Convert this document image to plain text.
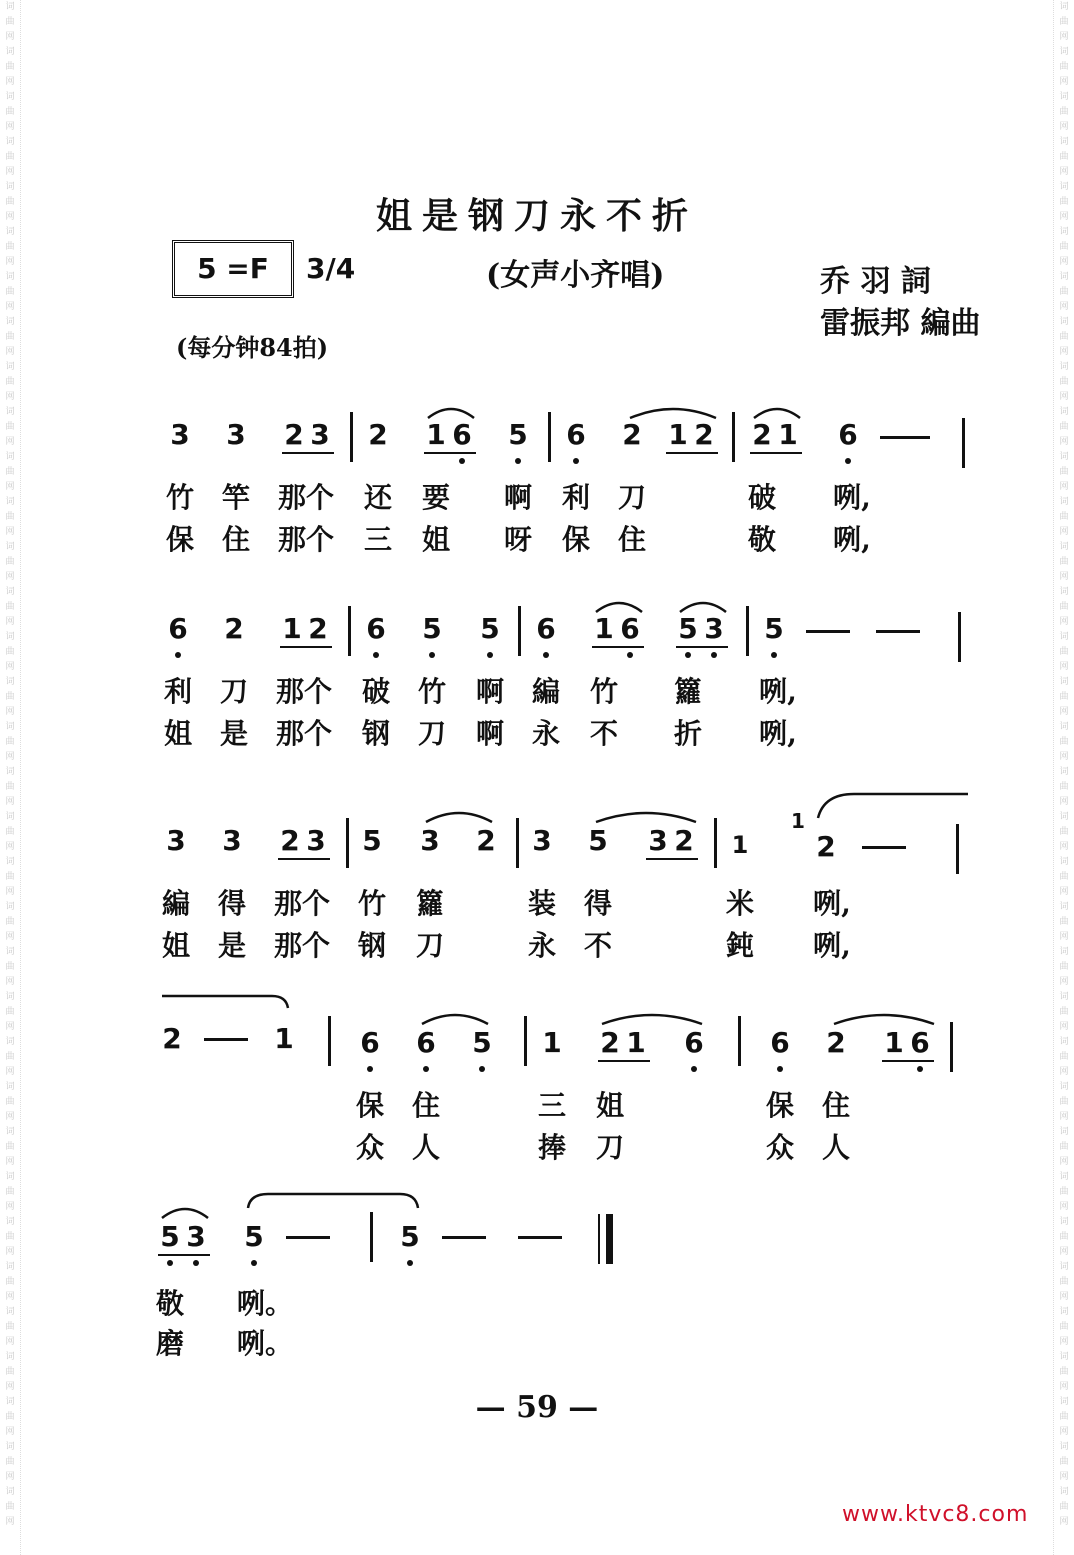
词
曲
网
词
曲
网
词
曲
网
词
曲
网
词
曲
网
词
曲
网
词
曲
网
词
曲
网
词
曲
网
词
曲
网
词
曲
网
词
曲
网
词
曲
网
词
曲
网
词
曲
网
词
曲
网
词
曲
网
词
曲
网
词
曲
网
词
曲
网
词
曲
网
词
曲
网
词
曲
网
词
曲
网
词
曲
网
词
曲
网
词
曲
网
词
曲
网
词
曲
网
词
曲
网
词
曲
网
词
曲
网
词
曲
网
词
曲
网
词
曲
网
词
曲
网
词
曲
网
词
曲
网
词
曲
网
词
曲
网
词
曲
网
词
曲
网
词
曲
网
词
曲
网
词
曲
网
词
曲
网
词
曲
网
词
曲
网
词
曲
网
词
曲
网
词
曲
网
词
曲
网
词
曲
网
词
曲
网
词
曲
网
词
曲
网
词
曲
网
词
曲
网
词
曲
网
词
曲
网
词
曲
网
词
曲
网
词
曲
网
词
曲
网
词
曲
网
词
曲
网
词
曲
网
词
曲
网
姐是钢刀永不折
5 =F	3/4	(女声小齐唱)	乔 羽 詞
雷振邦 編曲
(每分钟84拍)
3 3 2 3 2 1 6 5 6 2 1 2 2 1 6
竹 竿 那个 还 要 啊 利 刀	破 咧,
保 住 那个 三 姐 呀 保 住	敬 咧,
6 2 1 2 6 5 5 6 1 6 5 3 5
利 刀 那个 破 竹 啊 編 竹 籮 咧,
姐 是 那个 钢 刀 啊 永 不 折 咧,
3 3 2 3 5 3 2 3 5 3 2	1
1
2
編 得 那个 竹 籮	装 得	米 咧,
姐 是 那个 钢 刀	永 不	鈍 咧,
2	1 6 6 5 1 2 1 6 6 2 1 6
保 住	三 姐	保 住
众 人	捧 刀	众 人
5 3 5	5
敬 咧。
磨 咧。
— 59 —
www.ktvc8.com
